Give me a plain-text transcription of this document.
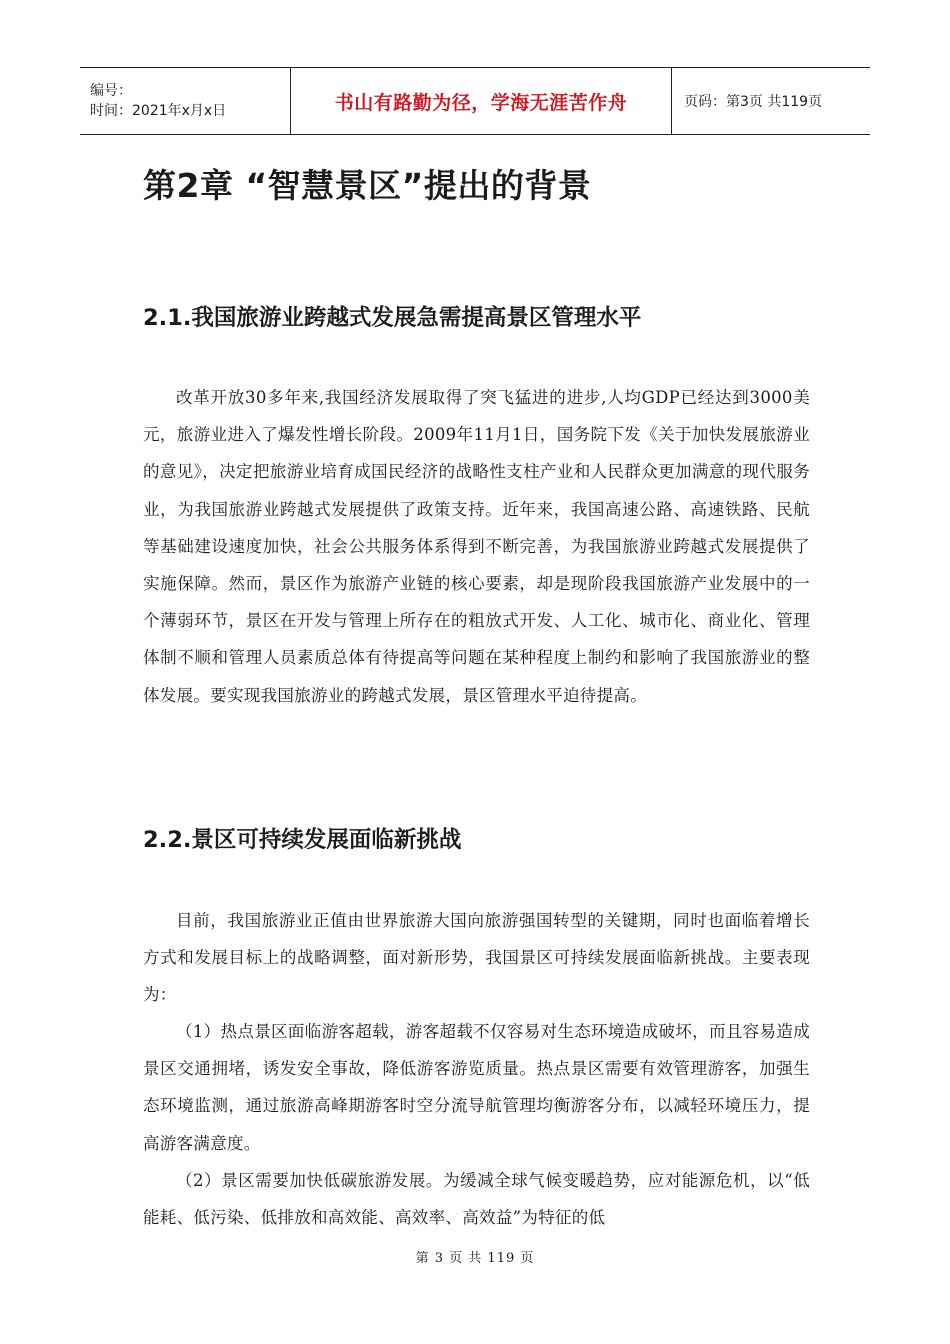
编号：
时间：2021年x月x日	书山有路勤为径，学海无涯苦作舟	页码：第3页 共119页
第2章 “智慧景区”提出的背景
2.1.我国旅游业跨越式发展急需提高景区管理水平

改革开放30多年来,我国经济发展取得了突飞猛进的进步,人均GDP已经达到3000美元，旅游业进入了爆发性增长阶段。2009年11月1日，国务院下发《关于加快发展旅游业的意见》，决定把旅游业培育成国民经济的战略性支柱产业和人民群众更加满意的现代服务业，为我国旅游业跨越式发展提供了政策支持。近年来，我国高速公路、高速铁路、民航等基础建设速度加快，社会公共服务体系得到不断完善，为我国旅游业跨越式发展提供了实施保障。然而，景区作为旅游产业链的核心要素，却是现阶段我国旅游产业发展中的一个薄弱环节，景区在开发与管理上所存在的粗放式开发、人工化、城市化、商业化、管理体制不顺和管理人员素质总体有待提高等问题在某种程度上制约和影响了我国旅游业的整体发展。要实现我国旅游业的跨越式发展，景区管理水平迫待提高。

2.2.景区可持续发展面临新挑战

目前，我国旅游业正值由世界旅游大国向旅游强国转型的关键期，同时也面临着增长方式和发展目标上的战略调整，面对新形势，我国景区可持续发展面临新挑战。主要表现为：

（1）热点景区面临游客超载，游客超载不仅容易对生态环境造成破坏，而且容易造成景区交通拥堵，诱发安全事故，降低游客游览质量。热点景区需要有效管理游客，加强生态环境监测，通过旅游高峰期游客时空分流导航管理均衡游客分布，以减轻环境压力，提高游客满意度。

（2）景区需要加快低碳旅游发展。为缓减全球气候变暖趋势，应对能源危机，以“低能耗、低污染、低排放和高效能、高效率、高效益”为特征的低

第 3 页 共 119 页
